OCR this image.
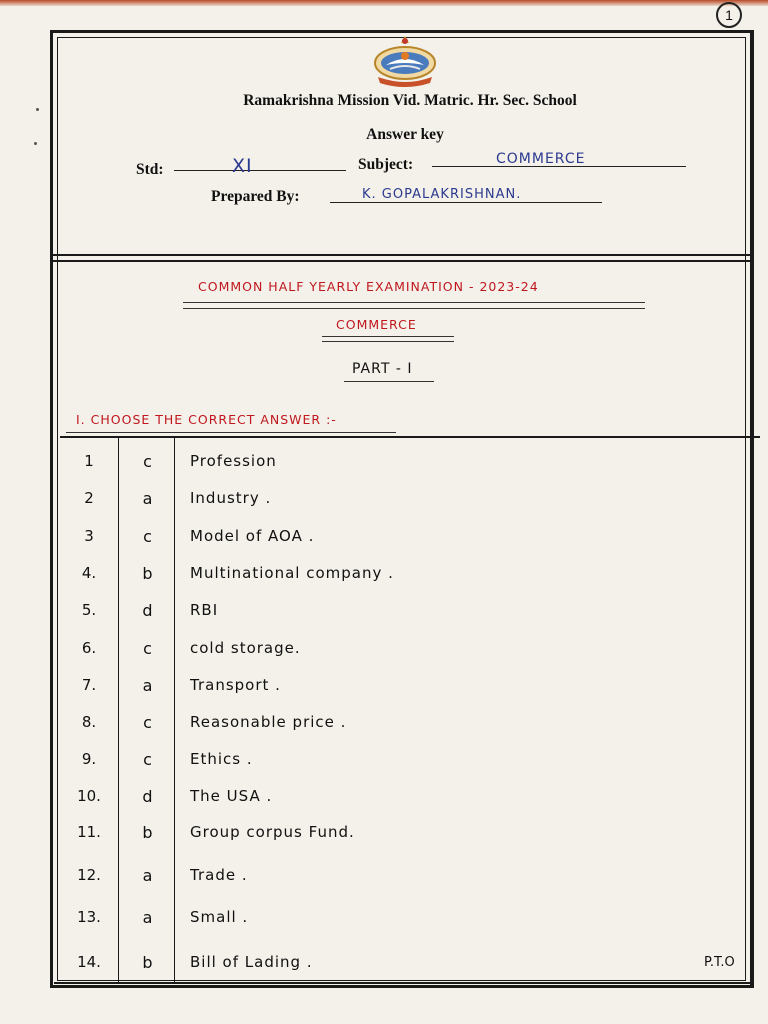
1
Ramakrishna Mission Vid. Matric. Hr. Sec. School
Answer key
Std:	XI	Subject:	COMMERCE
Prepared By:	K. GOPALAKRISHNAN.
COMMON HALF YEARLY EXAMINATION - 2023-24
COMMERCE
PART - I
I. CHOOSE THE CORRECT ANSWER :-
1	c	Profession
2	a	Industry .
3	c	Model of AOA .
4.	b	Multinational company .
5.	d	RBI
6.	c	cold storage.
7.	a	Transport .
8.	c	Reasonable price .
9.	c	Ethics .
10.	d	The USA .
11.	b	Group corpus Fund.
12.	a	Trade .
13.	a	Small .
14.	b	Bill of Lading .	P.T.O
